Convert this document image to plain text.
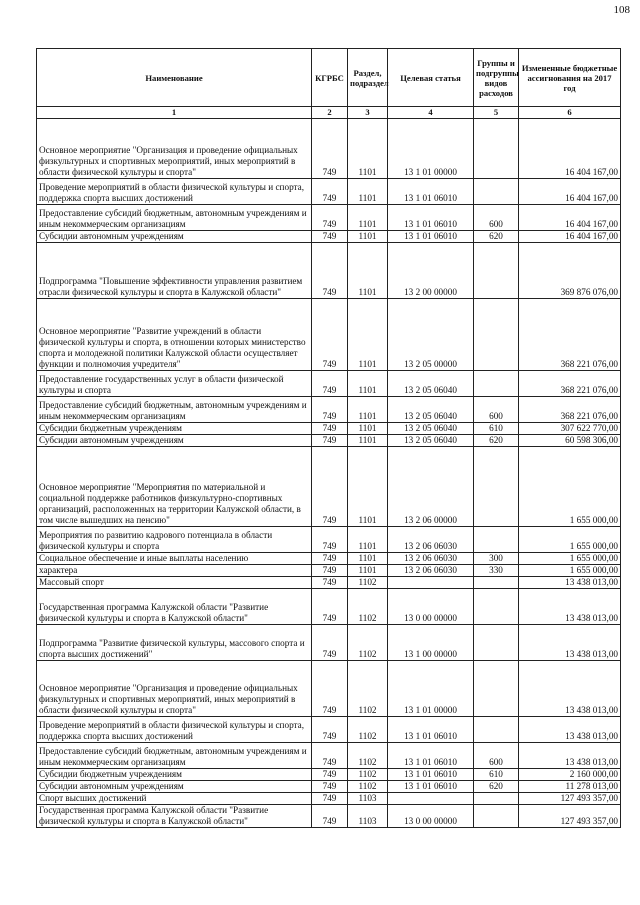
108
Наименование	КГРБС	Раздел, подраздел	Целевая статья	Группы и подгруппы видов расходов	Измененные бюджетные ассигнования на 2017 год
1	2	3	4	5	6
Основное мероприятие "Организация и проведение официальных физкультурных и спортивных мероприятий, иных мероприятий в области физической культуры и спорта"	749	1101	13 1 01 00000		16 404 167,00
Проведение мероприятий в области физической культуры и спорта, поддержка спорта высших достижений	749	1101	13 1 01 06010		16 404 167,00
Предоставление субсидий бюджетным, автономным учреждениям и иным некоммерческим организациям	749	1101	13 1 01 06010	600	16 404 167,00
Субсидии автономным учреждениям	749	1101	13 1 01 06010	620	16 404 167,00
Подпрограмма "Повышение эффективности управления развитием отрасли физической культуры и спорта в Калужской области"	749	1101	13 2 00 00000		369 876 076,00
Основное мероприятие "Развитие учреждений в области физической культуры и спорта, в отношении которых министерство спорта и молодежной политики Калужской области осуществляет функции и полномочия учредителя"	749	1101	13 2 05 00000		368 221 076,00
Предоставление государственных услуг в области физической культуры и спорта	749	1101	13 2 05 06040		368 221 076,00
Предоставление субсидий бюджетным, автономным учреждениям и иным некоммерческим организациям	749	1101	13 2 05 06040	600	368 221 076,00
Субсидии бюджетным учреждениям	749	1101	13 2 05 06040	610	307 622 770,00
Субсидии автономным учреждениям	749	1101	13 2 05 06040	620	60 598 306,00
Основное мероприятие "Мероприятия по материальной и социальной поддержке работников физкультурно-спортивных организаций, расположенных на территории Калужской области, в том числе вышедших на пенсию"	749	1101	13 2 06 00000		1 655 000,00
Мероприятия по развитию кадрового потенциала в области физической культуры и спорта	749	1101	13 2 06 06030		1 655 000,00
Социальное обеспечение и иные выплаты населению	749	1101	13 2 06 06030	300	1 655 000,00
характера	749	1101	13 2 06 06030	330	1 655 000,00
Массовый спорт	749	1102			13 438 013,00
Государственная программа Калужской области "Развитие физической культуры и спорта в Калужской области"	749	1102	13 0 00 00000		13 438 013,00
Подпрограмма "Развитие физической культуры, массового спорта и спорта высших достижений"	749	1102	13 1 00 00000		13 438 013,00
Основное мероприятие "Организация и проведение официальных физкультурных и спортивных мероприятий, иных мероприятий в области физической культуры и спорта"	749	1102	13 1 01 00000		13 438 013,00
Проведение мероприятий в области физической культуры и спорта, поддержка спорта высших достижений	749	1102	13 1 01 06010		13 438 013,00
Предоставление субсидий бюджетным, автономным учреждениям и иным некоммерческим организациям	749	1102	13 1 01 06010	600	13 438 013,00
Субсидии бюджетным учреждениям	749	1102	13 1 01 06010	610	2 160 000,00
Субсидии автономным учреждениям	749	1102	13 1 01 06010	620	11 278 013,00
Спорт высших достижений	749	1103			127 493 357,00
Государственная программа Калужской области "Развитие физической культуры и спорта в Калужской области"	749	1103	13 0 00 00000		127 493 357,00
